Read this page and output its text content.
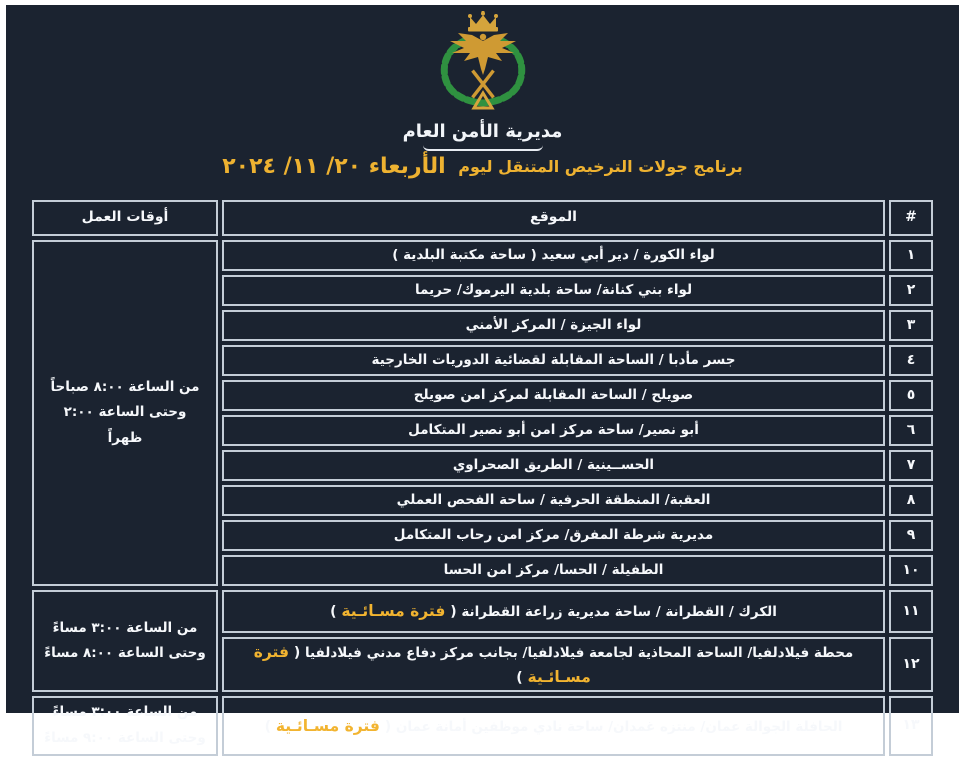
مديرية الأمن العام
برنامج جولات الترخيص المتنقل ليوم الأربعاء ٢٠/ ١١/ ٢٠٢٤
#	الموقع	أوقات العمل
١	لواء الكورة / دير أبي سعيد ( ساحة مكتبة البلدية )	من الساعة ٨:٠٠ صباحاً وحتى الساعة ٢:٠٠ ظهراً
٢	لواء بني كنانة/ ساحة بلدية اليرموك/ حريما	
٣	لواء الجيزة / المركز الأمني	
٤	جسر مأدبا / الساحة المقابلة لقضائية الدوريات الخارجية	
٥	صويلح / الساحة المقابلة لمركز امن صويلح	
٦	أبو نصير/ ساحة مركز امن أبو نصير المتكامل	
٧	الحســينية / الطريق الصحراوي	
٨	العقبة/ المنطقة الحرفية / ساحة الفحص العملي	
٩	مديرية شرطة المفرق/ مركز امن رحاب المتكامل	
١٠	الطفيلة / الحسا/ مركز امن الحسا	
١١	الكرك / القطرانة / ساحة مديرية زراعة القطرانة ( فترة مسـائـية )	من الساعة ٣:٠٠ مساءً وحتى الساعة ٨:٠٠ مساءً
١٢	محطة فيلادلفيا/ الساحة المحاذية لجامعة فيلادلفيا/ بجانب مركز دفاع مدني فيلادلفيا ( فترة مسـائـية )	
١٣	الحافلة الجوالة عمان/ منتزه غمدان/ ساحة نادي موظفين أمانة عمان ( فترة مسـائـية )	من الساعة ٣:٠٠ مساءً وحتى الساعة ٩:٠٠ مساءً
